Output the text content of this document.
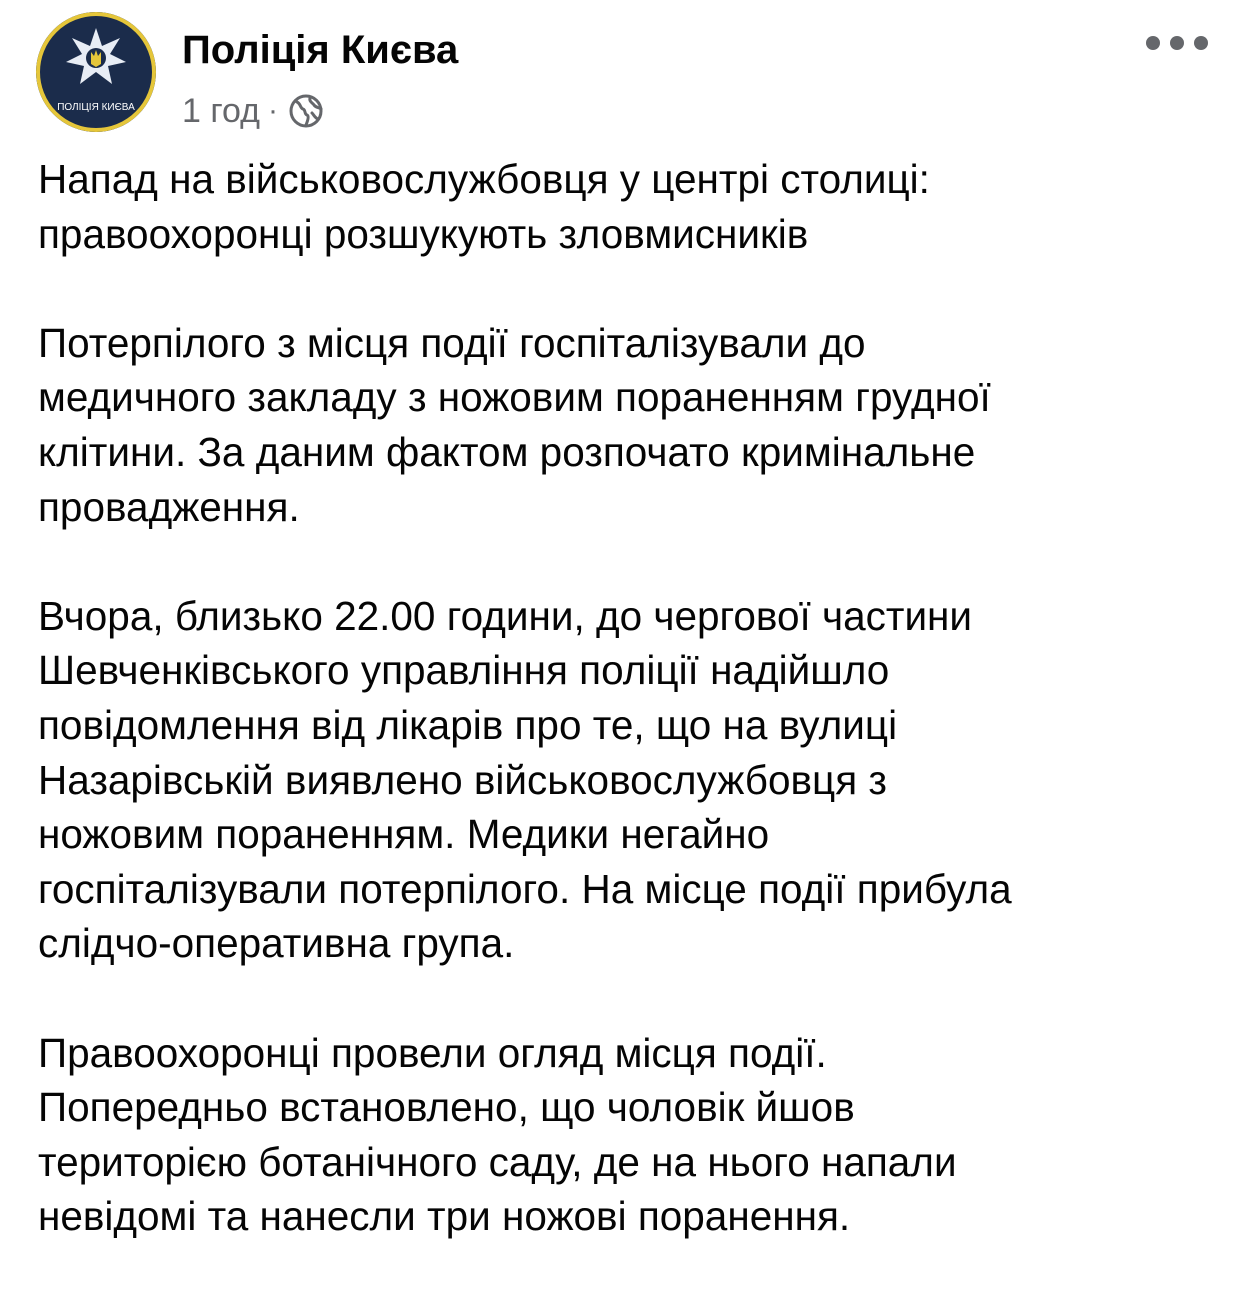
ПОЛІЦІЯ КИЄВА
Поліція Києва
1 год ·

Напад на військовослужбовця у центрі столиці:
правоохоронці розшукують зловмисників

Потерпілого з місця події госпіталізували до
медичного закладу з ножовим пораненням грудної
клітини. За даним фактом розпочато кримінальне
провадження.

Вчора, близько 22.00 години, до чергової частини
Шевченківського управління поліції надійшло
повідомлення від лікарів про те, що на вулиці
Назарівській виявлено військовослужбовця з
ножовим пораненням. Медики негайно
госпіталізували потерпілого. На місце події прибула
слідчо-оперативна група.

Правоохоронці провели огляд місця події.
Попередньо встановлено, що чоловік йшов
територією ботанічного саду, де на нього напали
невідомі та нанесли три ножові поранення.
